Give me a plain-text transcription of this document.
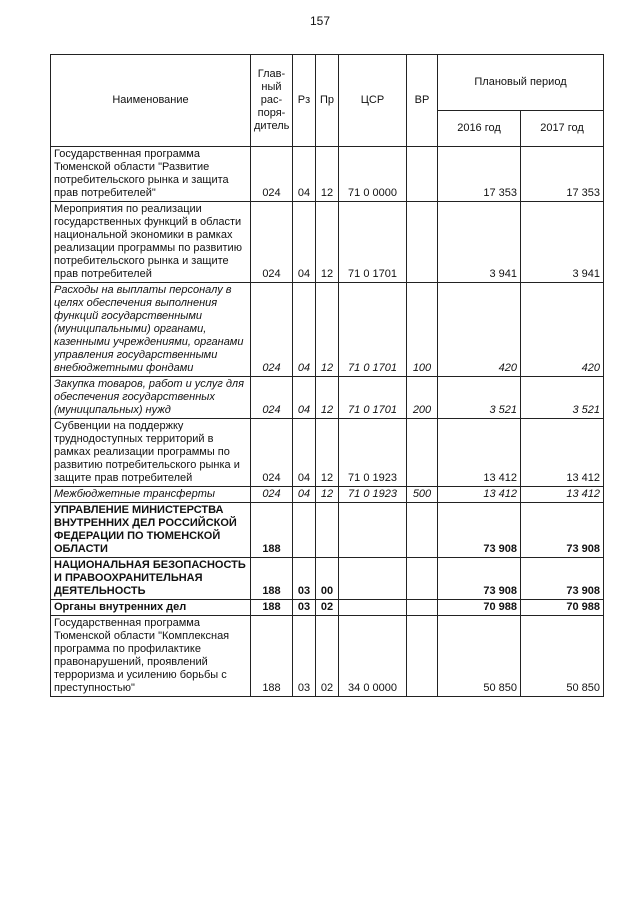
157
Наименование	Глав-
ный
рас-
поря-
дитель	Рз	Пр	ЦСР	ВР	Плановый период	
						2016 год	2017 год
Государственная программа Тюменской области "Развитие потребительского рынка и защита прав потребителей"	024	04	12	71 0 0000		17 353	17 353
Мероприятия по реализации государственных функций в области национальной экономики в рамках реализации программы по развитию потребительского рынка и защите прав потребителей	024	04	12	71 0 1701		3 941	3 941
Расходы на выплаты персоналу в целях обеспечения выполнения функций государственными (муниципальными) органами, казенными учреждениями, органами управления государственными внебюджетными фондами	024	04	12	71 0 1701	100	420	420
Закупка товаров, работ и услуг для обеспечения государственных (муниципальных) нужд	024	04	12	71 0 1701	200	3 521	3 521
Субвенции на поддержку труднодоступных территорий в рамках реализации программы по развитию потребительского рынка и защите прав потребителей	024	04	12	71 0 1923		13 412	13 412
Межбюджетные трансферты	024	04	12	71 0 1923	500	13 412	13 412
УПРАВЛЕНИЕ МИНИСТЕРСТВА ВНУТРЕННИХ ДЕЛ РОССИЙСКОЙ ФЕДЕРАЦИИ ПО ТЮМЕНСКОЙ ОБЛАСТИ	188					73 908	73 908
НАЦИОНАЛЬНАЯ БЕЗОПАСНОСТЬ И ПРАВООХРАНИТЕЛЬНАЯ ДЕЯТЕЛЬНОСТЬ	188	03	00			73 908	73 908
Органы внутренних дел	188	03	02			70 988	70 988
Государственная программа Тюменской области "Комплексная программа по профилактике правонарушений, проявлений терроризма и усилению борьбы с преступностью"	188	03	02	34 0 0000		50 850	50 850
